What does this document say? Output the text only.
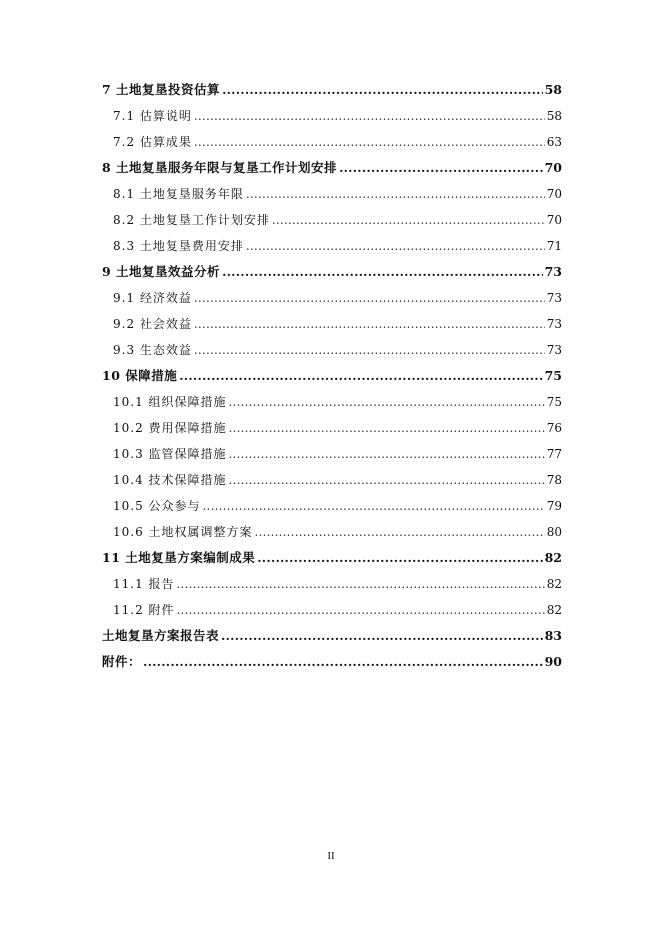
7 土地复垦投资估算 .....	58
7.1 估算说明 .....	58
7.2 估算成果 .....	63
8 土地复垦服务年限与复垦工作计划安排 .....	70
8.1 土地复垦服务年限 .....	70
8.2 土地复垦工作计划安排 .....	70
8.3 土地复垦费用安排 .....	71
9 土地复垦效益分析 .....	73
9.1 经济效益 .....	73
9.2 社会效益 .....	73
9.3 生态效益 .....	73
10 保障措施 .....	75
10.1 组织保障措施 .....	75
10.2 费用保障措施 .....	76
10.3 监管保障措施 .....	77
10.4 技术保障措施 .....	78
10.5 公众参与 .....	79
10.6 土地权属调整方案 .....	80
11 土地复垦方案编制成果 .....	82
11.1 报告 .....	82
11.2 附件 .....	82
土地复垦方案报告表 .....	83
附件： .....	90
II
